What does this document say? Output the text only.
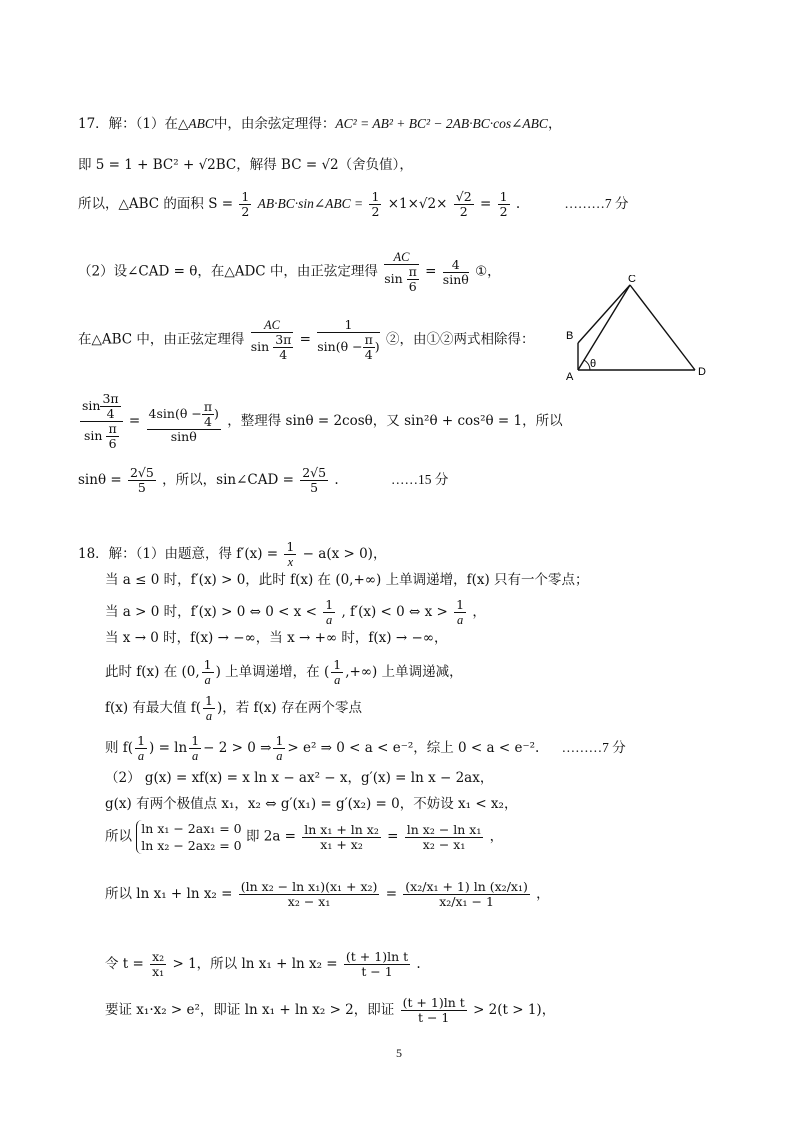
17．解：（1）在△ABC中，由余弦定理得：AC² = AB² + BC² − 2AB·BC·cos∠ABC，
即 5 = 1 + BC² + √2BC，解得 BC = √2（舍负值），
所以，△ABC 的面积 $S = \frac{1}{2}$ AB·BC·sin∠ABC = $\frac{1}{2} \times 1\times√2\times \frac{√2}{2} = \frac{1}{2}$ .	………7 分
（2）设∠CAD = θ，在△ADC 中，由正弦定理得 $\frac{AC}{\sin \frac{\pi}{6}} = \frac{4}{\sin\theta}$ ①，
在△ABC 中，由正弦定理得 $\frac{AC}{\sin \frac{3\pi}{4}} = \frac{1}{\sin(\theta - \frac{\pi}{4} )}$ ②，由①②两式相除得：
$\frac{\sin \frac{3\pi}{4}}{\sin \frac{\pi}{6}} = \frac{4\sin(\theta - \frac{\pi}{4} )}{\sin\theta}$ ，整理得 sinθ = 2cosθ，又 sin²θ + cos²θ = 1，所以
$\sin\theta = \frac{2√5}{5}$ ，所以，sin∠CAD = $\frac{2√5}{5}$ .	……15 分
C
B
A
θ
D
18．解：（1）由题意，得 $f'(x) = \frac{1}{x} - a(x > 0)$，
当 a ≤ 0 时，f′(x) > 0，此时 f(x) 在 (0,+∞) 上单调递增，f(x) 只有一个零点；
当 a > 0 时，f′(x) > 0 ⇔ $0 < x < \frac{1}{a}$ , f′(x) < 0 ⇔ $x > \frac{1}{a}$ ，
当 x → 0 时，f(x) → −∞，当 x → +∞ 时，f(x) → −∞，
此时 f(x) 在 (0, $\frac{1}{a}$ ) 上单调递增，在 ( $\frac{1}{a}$ ,+∞) 上单调递减，
f(x) 有最大值 $f( \frac{1}{a}$ )，若 f(x) 存在两个零点
则 $f( \frac{1}{a}$ ) = $\ln \frac{1}{a} - 2 > 0$ ⇒ $\frac{1}{a} > e^2$ ⇒ 0 < a < e⁻²，综上 0 < a < e⁻². ………7 分
（2） g(x) = xf(x) = x ln x − ax² − x，g′(x) = ln x − 2ax，
g(x) 有两个极值点 x₁，x₂ ⇔ g′(x₁) = g′(x₂) = 0，不妨设 x₁ < x₂，
所以 ln x₁ − 2ax₁ = 0
ln x₂ − 2ax₂ = 0
即 $2a = \frac{\text{ln x₁ + ln x₂}}{\text{x₁ + x₂}} = \frac{\text{ln x₂ − ln x₁}}{\text{x₂ − x₁}}$ ，
所以 $\ln x_1 + \ln x_2 = \frac{\text{(ln x₂ − ln x₁)(x₁ + x₂)}}{\text{x₂ − x₁}} = \frac{\text{(x₂/x₁ + 1) ln (x₂/x₁)}}{\text{x₂/x₁ − 1}}$ ，
令 $t = \frac{\text{x₂}}{\text{x₁}} > 1$，所以 $\ln x_1 + \ln x_2 = \frac{\text{(t + 1)ln t}}{t - 1}$ .
要证 x₁·x₂ > e²，即证 ln x₁ + ln x₂ > 2，即证 $\frac{\text{(t + 1)ln t}}{t - 1} > 2(t > 1)$，
5
